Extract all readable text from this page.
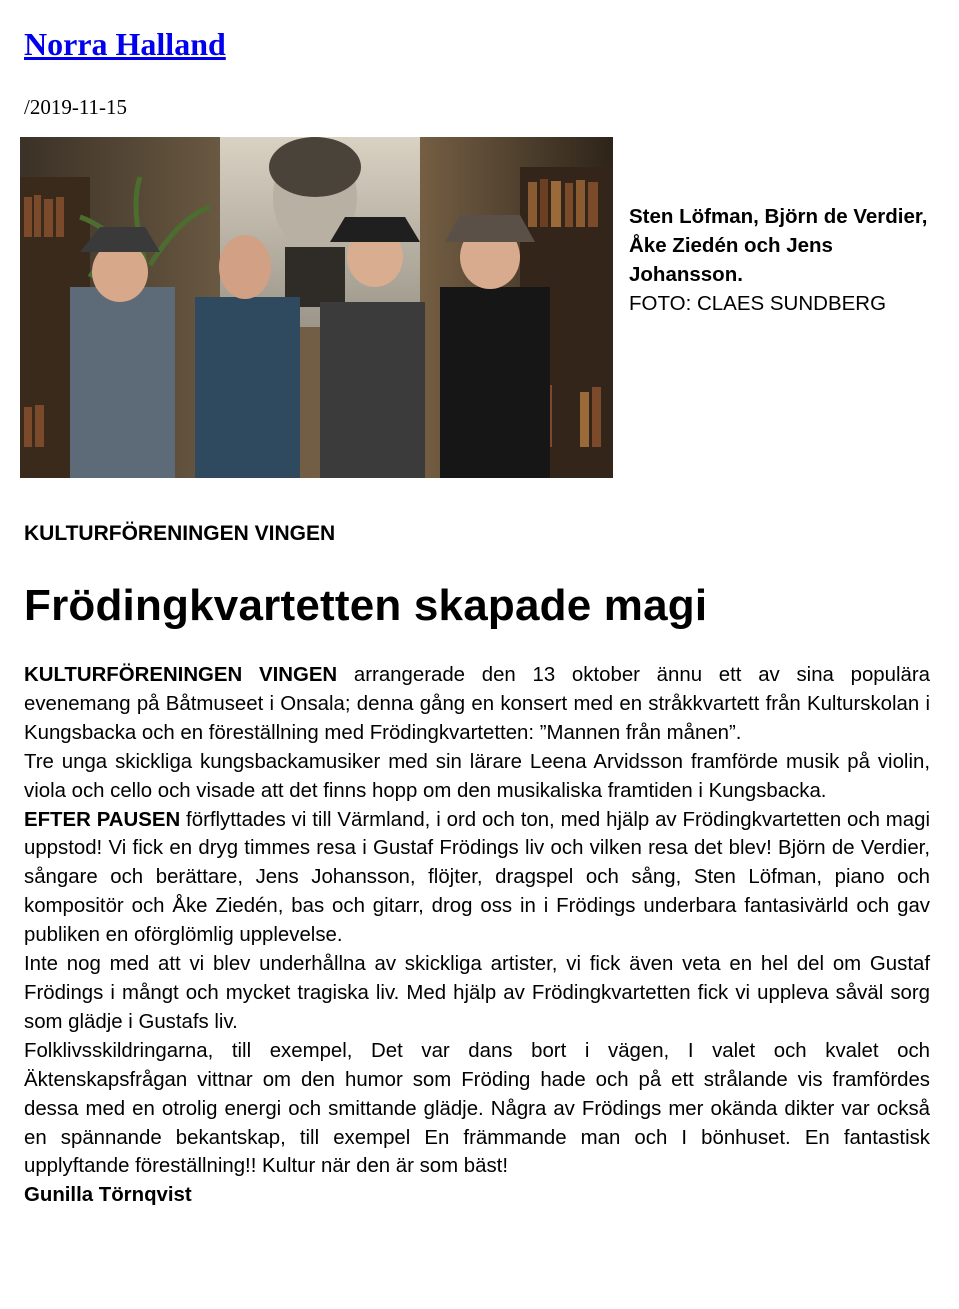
Norra Halland
/2019-11-15
Sten Löfman, Björn de Verdier, Åke Ziedén och Jens Johansson.
FOTO: CLAES SUNDBERG
KULTURFÖRENINGEN VINGEN
Frödingkvartetten skapade magi

KULTURFÖRENINGEN VINGEN arrangerade den 13 oktober ännu ett av sina populära evenemang på Båtmuseet i Onsala; denna gång en konsert med en stråkkvartett från Kulturskolan i Kungsbacka och en föreställning med Frödingkvartetten: ”Mannen från månen”.

Tre unga skickliga kungsbackamusiker med sin lärare Leena Arvidsson framförde musik på violin, viola och cello och visade att det finns hopp om den musikaliska framtiden i Kungsbacka.

EFTER PAUSEN förflyttades vi till Värmland, i ord och ton, med hjälp av Frödingkvartetten och magi uppstod! Vi fick en dryg timmes resa i Gustaf Frödings liv och vilken resa det blev! Björn de Verdier, sångare och berättare, Jens Johansson, flöjter, dragspel och sång, Sten Löfman, piano och kompositör och Åke Ziedén, bas och gitarr, drog oss in i Frödings underbara fantasivärld och gav publiken en oförglömlig upplevelse.

Inte nog med att vi blev underhållna av skickliga artister, vi fick även veta en hel del om Gustaf Frödings i mångt och mycket tragiska liv. Med hjälp av Frödingkvartetten fick vi uppleva såväl sorg som glädje i Gustafs liv.

Folklivsskildringarna, till exempel, Det var dans bort i vägen, I valet och kvalet och Äktenskapsfrågan vittnar om den humor som Fröding hade och på ett strålande vis framfördes dessa med en otrolig energi och smittande glädje. Några av Frödings mer okända dikter var också en spännande bekantskap, till exempel En främmande man och I bönhuset. En fantastisk upplyftande föreställning!! Kultur när den är som bäst!

Gunilla Törnqvist
